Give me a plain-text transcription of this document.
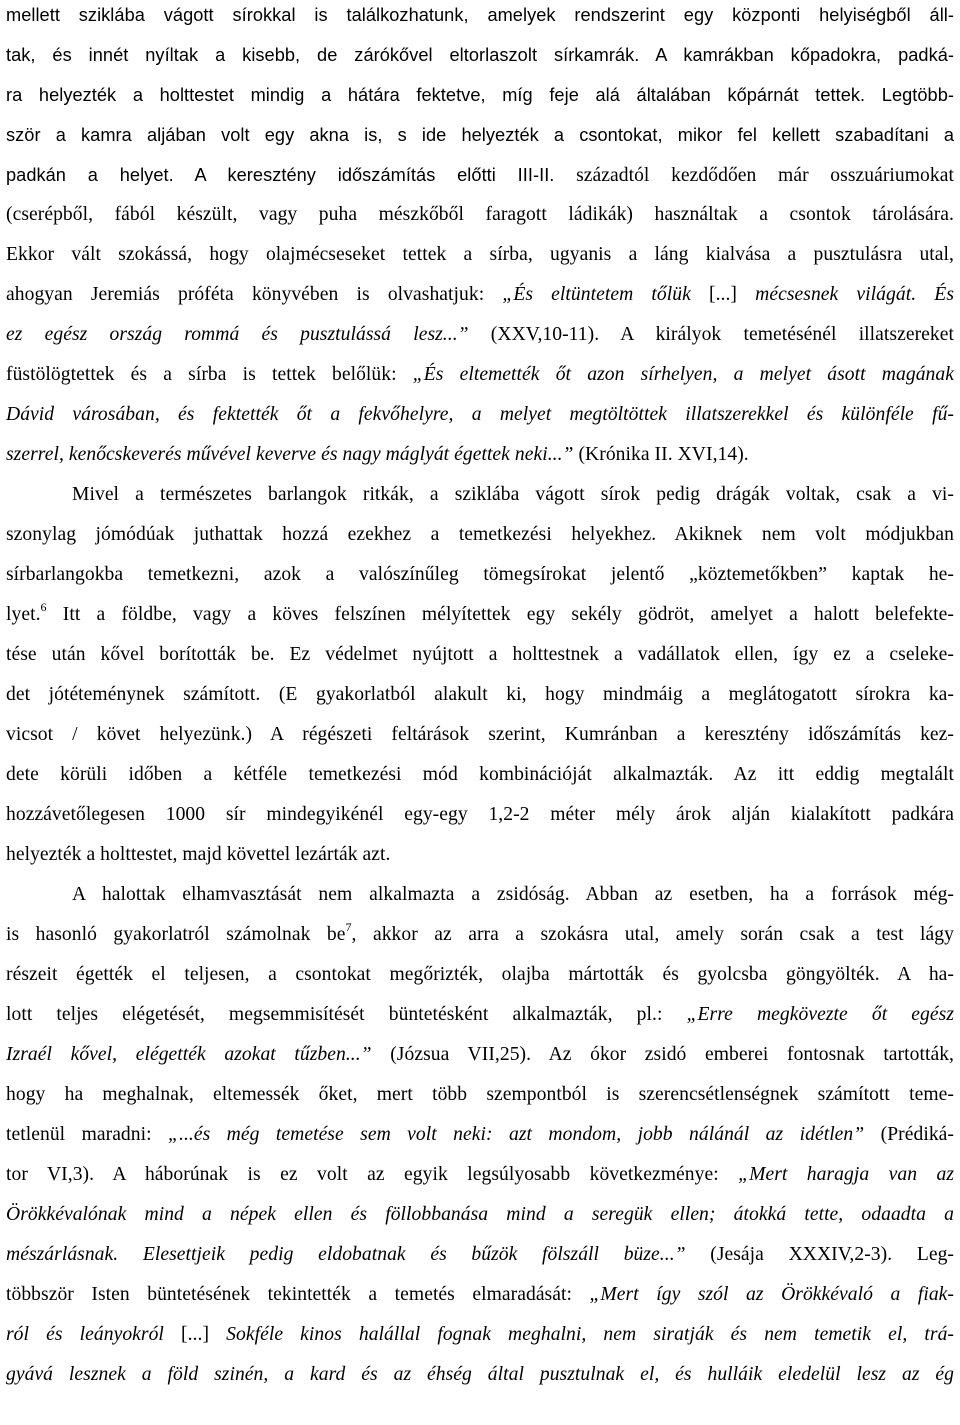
mellett sziklába vágott sírokkal is találkozhatunk, amelyek rendszerint egy központi helyiségből áll-
tak, és innét nyíltak a kisebb, de zárókővel eltorlaszolt sírkamrák. A kamrákban kőpadokra, padká-
ra helyezték a holttestet mindig a hátára fektetve, míg feje alá általában kőpárnát tettek. Legtöbb-
ször a kamra aljában volt egy akna is, s ide helyezték a csontokat, mikor fel kellett szabadítani a
padkán a helyet. A keresztény időszámítás előtti III-II. századtól kezdődően már osszuáriumokat
(cserépből, fából készült, vagy puha mészkőből faragott ládikák) használtak a csontok tárolására.
Ekkor vált szokássá, hogy olajmécseseket tettek a sírba, ugyanis a láng kialvása a pusztulásra utal,
ahogyan Jeremiás próféta könyvében is olvashatjuk: „És eltüntetem tőlük [...] mécsesnek világát. És
ez egész ország rommá és pusztulássá lesz...” (XXV,10-11). A királyok temetésénél illatszereket
füstölögtettek és a sírba is tettek belőlük: „És eltemették őt azon sírhelyen, a melyet ásott magának
Dávid városában, és fektették őt a fekvőhelyre, a melyet megtöltöttek illatszerekkel és különféle fű-
szerrel, kenőcskeverés művével keverve és nagy máglyát égettek neki...” (Krónika II. XVI,14).
Mivel a természetes barlangok ritkák, a sziklába vágott sírok pedig drágák voltak, csak a vi-
szonylag jómódúak juthattak hozzá ezekhez a temetkezési helyekhez. Akiknek nem volt módjukban
sírbarlangokba temetkezni, azok a valószínűleg tömegsírokat jelentő „köztemetőkben” kaptak he-
lyet.$^6$ Itt a földbe, vagy a köves felszínen mélyítettek egy sekély gödröt, amelyet a halott belefekte-
tése után kővel borították be. Ez védelmet nyújtott a holttestnek a vadállatok ellen, így ez a cseleke-
det jótéteménynek számított. (E gyakorlatból alakult ki, hogy mindmáig a meglátogatott sírokra ka-
vicsot / követ helyezünk.) A régészeti feltárások szerint, Kumránban a keresztény időszámítás kez-
dete körüli időben a kétféle temetkezési mód kombinációját alkalmazták. Az itt eddig megtalált
hozzávetőlegesen 1000 sír mindegyikénél egy-egy 1,2-2 méter mély árok alján kialakított padkára
helyezték a holttestet, majd követtel lezárták azt.
A halottak elhamvasztását nem alkalmazta a zsidóság. Abban az esetben, ha a források még-
is hasonló gyakorlatról számolnak $be^7$, akkor az arra a szokásra utal, amely során csak a test lágy
részeit égették el teljesen, a csontokat megőrizték, olajba mártották és gyolcsba göngyölték. A ha-
lott teljes elégetését, megsemmisítését büntetésként alkalmazták, pl.: „Erre megkövezte őt egész
Izraél kővel, elégették azokat tűzben...” (Józsua VII,25). Az ókor zsidó emberei fontosnak tartották,
hogy ha meghalnak, eltemessék őket, mert több szempontból is szerencsétlenségnek számított teme-
tetlenül maradni: „...és még temetése sem volt neki: azt mondom, jobb nálánál az idétlen” (Prédiká-
tor VI,3). A háborúnak is ez volt az egyik legsúlyosabb következménye: „Mert haragja van az
Örökkévalónak mind a népek ellen és föllobbanása mind a seregük ellen; átokká tette, odaadta a
mészárlásnak. Elesettjeik pedig eldobatnak és bűzök fölszáll büze...” (Jesája XXXIV,2-3). Leg-
többször Isten büntetésének tekintették a temetés elmaradását: „Mert így szól az Örökkévaló a fiak-
ról és leányokról [...] Sokféle kinos halállal fognak meghalni, nem siratják és nem temetik el, trá-
gyává lesznek a föld szinén, a kard és az éhség által pusztulnak el, és hulláik eledelül lesz az ég
